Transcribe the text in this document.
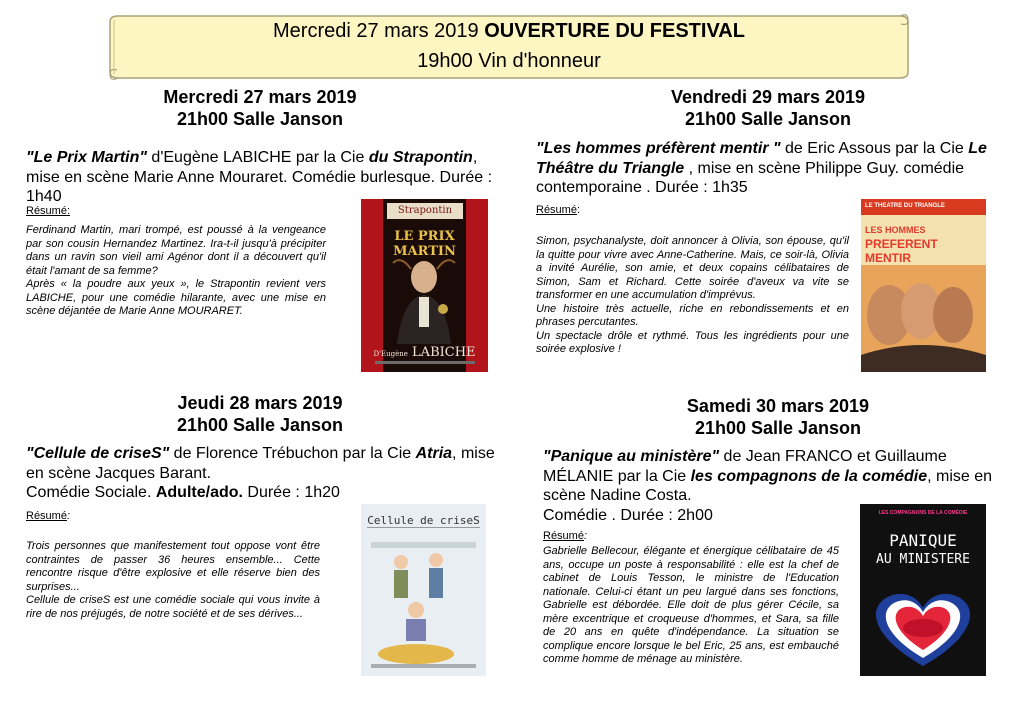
Mercredi 27 mars 2019 OUVERTURE DU FESTIVAL
19h00 Vin d'honneur
Mercredi 27 mars 2019
21h00 Salle Janson
"Le Prix Martin" d'Eugène LABICHE par la Cie du Strapontin, mise en scène Marie Anne Mouraret. Comédie burlesque. Durée : 1h40
Résumé:
Ferdinand Martin, mari trompé, est poussé à la vengeance par son cousin Hernandez Martinez. Ira-t-il jusqu'à précipiter dans un ravin son vieil ami Agénor dont il a découvert qu'il était l'amant de sa femme?
Après « la poudre aux yeux », le Strapontin revient vers LABICHE, pour une comédie hilarante, avec une mise en scène déjantée de Marie Anne MOURARET.
Strapontin
LE PRIX MARTIN
D'Eugène LABICHE
Vendredi 29 mars 2019
21h00 Salle Janson
"Les hommes préfèrent mentir " de Eric Assous par la Cie Le Théâtre du Triangle , mise en scène Philippe Guy. comédie contemporaine . Durée : 1h35
Résumé:
Simon, psychanalyste, doit annoncer à Olivia, son épouse, qu'il la quitte pour vivre avec Anne-Catherine. Mais, ce soir-là, Olivia a invité Aurélie, son amie, et deux copains célibataires de Simon, Sam et Richard. Cette soirée d'aveux va vite se transformer en une accumulation d'imprévus.
Une histoire très actuelle, riche en rebondissements et en phrases percutantes.
Un spectacle drôle et rythmé. Tous les ingrédients pour une soirée explosive !
LE THEATRE DU TRIANGLE
LES HOMMES
PREFERENT
MENTIR
Jeudi 28 mars 2019
21h00 Salle Janson
"Cellule de criseS" de Florence Trébuchon par la Cie Atria, mise en scène Jacques Barant.
Comédie Sociale. Adulte/ado. Durée : 1h20
Résumé:
Trois personnes que manifestement tout oppose vont être contraintes de passer 36 heures ensemble... Cette rencontre risque d'être explosive et elle réserve bien des surprises...
Cellule de criseS est une comédie sociale qui vous invite à rire de nos préjugés, de notre société et de ses dérives...
Cellule de criseS
Samedi 30 mars 2019
21h00 Salle Janson
"Panique au ministère" de Jean FRANCO et Guillaume MÉLANIE par la Cie les compagnons de la comédie, mise en scène Nadine Costa.
Comédie . Durée : 2h00
Résumé:
Gabrielle Bellecour, élégante et énergique célibataire de 45 ans, occupe un poste à responsabilité : elle est la chef de cabinet de Louis Tesson, le ministre de l'Education nationale. Celui-ci étant un peu largué dans ses fonctions, Gabrielle est débordée. Elle doit de plus gérer Cécile, sa mère excentrique et croqueuse d'hommes, et Sara, sa fille de 20 ans en quête d'indépendance. La situation se complique encore lorsque le bel Eric, 25 ans, est embauché comme homme de ménage au ministère.
LES COMPAGNONS DE LA COMÉDIE
PANIQUE
AU MINISTERE
